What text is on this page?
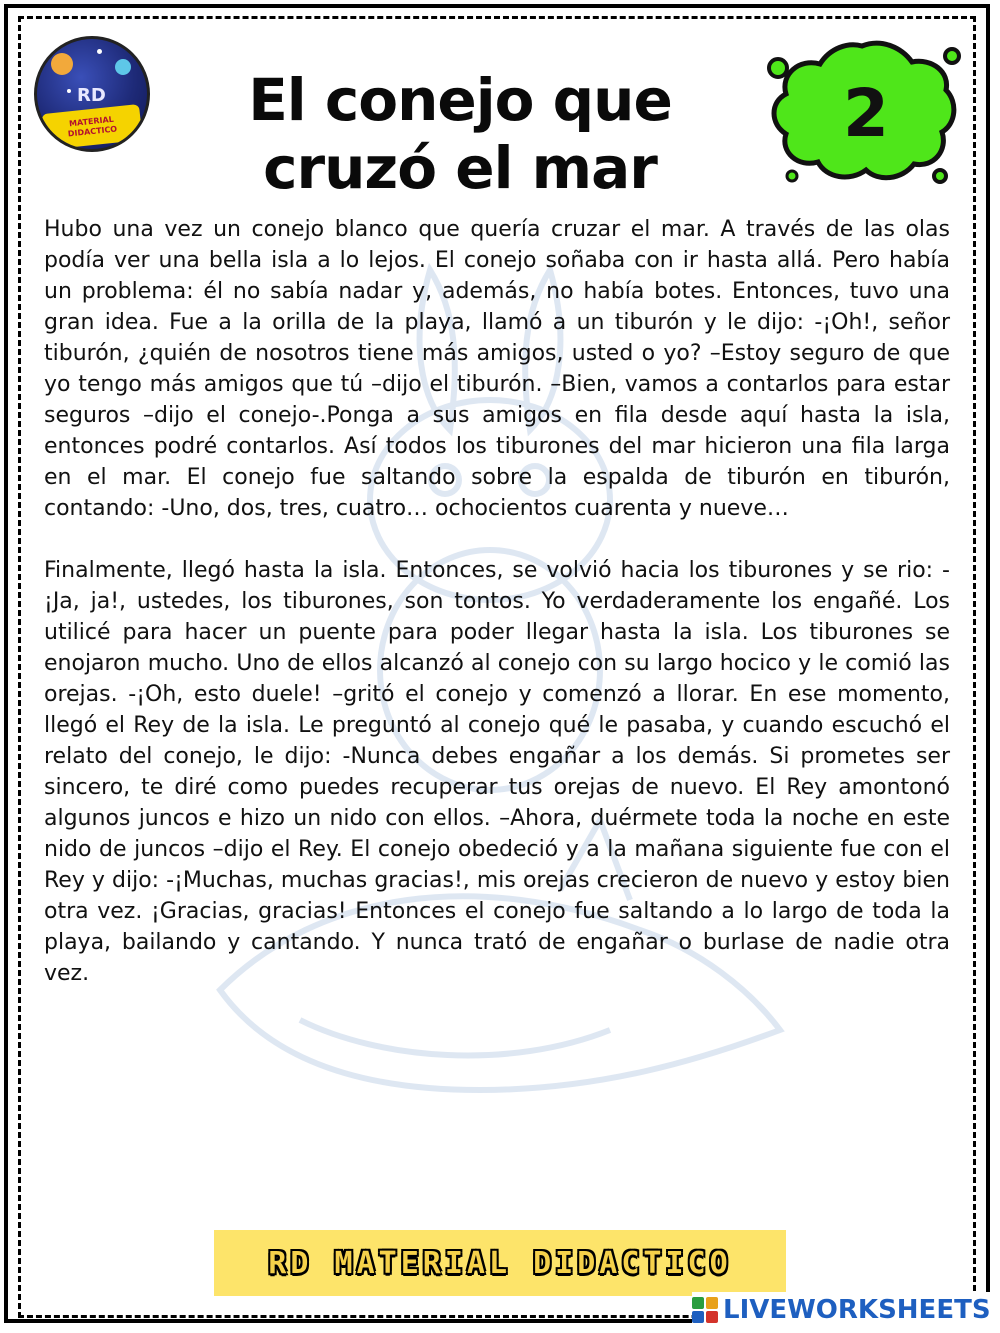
RD
MATERIAL
DIDACTICO	El conejo que
cruzó el mar
2

Hubo una vez un conejo blanco que quería cruzar el mar. A través de las olas podía ver una bella isla a lo lejos. El conejo soñaba con ir hasta allá. Pero había un problema: él no sabía nadar y, además, no había botes. Entonces, tuvo una gran idea. Fue a la orilla de la playa, llamó a un tiburón y le dijo: -¡Oh!, señor tiburón, ¿quién de nosotros tiene más amigos, usted o yo? –Estoy seguro de que yo tengo más amigos que tú –dijo el tiburón. –Bien, vamos a contarlos para estar seguros –dijo el conejo-.Ponga a sus amigos en fila desde aquí hasta la isla, entonces podré contarlos. Así todos los tiburones del mar hicieron una fila larga en el mar. El conejo fue saltando sobre la espalda de tiburón en tiburón, contando: -Uno, dos, tres, cuatro… ochocientos cuarenta y nueve…

Finalmente, llegó hasta la isla. Entonces, se volvió hacia los tiburones y se rio: -¡Ja, ja!, ustedes, los tiburones, son tontos. Yo verdaderamente los engañé. Los utilicé para hacer un puente para poder llegar hasta la isla. Los tiburones se enojaron mucho. Uno de ellos alcanzó al conejo con su largo hocico y le comió las orejas. -¡Oh, esto duele! –gritó el conejo y comenzó a llorar. En ese momento, llegó el Rey de la isla. Le preguntó al conejo qué le pasaba, y cuando escuchó el relato del conejo, le dijo: -Nunca debes engañar a los demás. Si prometes ser sincero, te diré como puedes recuperar tus orejas de nuevo. El Rey amontonó algunos juncos e hizo un nido con ellos. –Ahora, duérmete toda la noche en este nido de juncos –dijo el Rey. El conejo obedeció y a la mañana siguiente fue con el Rey y dijo: -¡Muchas, muchas gracias!, mis orejas crecieron de nuevo y estoy bien otra vez. ¡Gracias, gracias! Entonces el conejo fue saltando a lo largo de toda la playa, bailando y cantando. Y nunca trató de engañar o burlase de nadie otra vez.

RD MATERIAL DIDACTICO
LIVEWORKSHEETS
